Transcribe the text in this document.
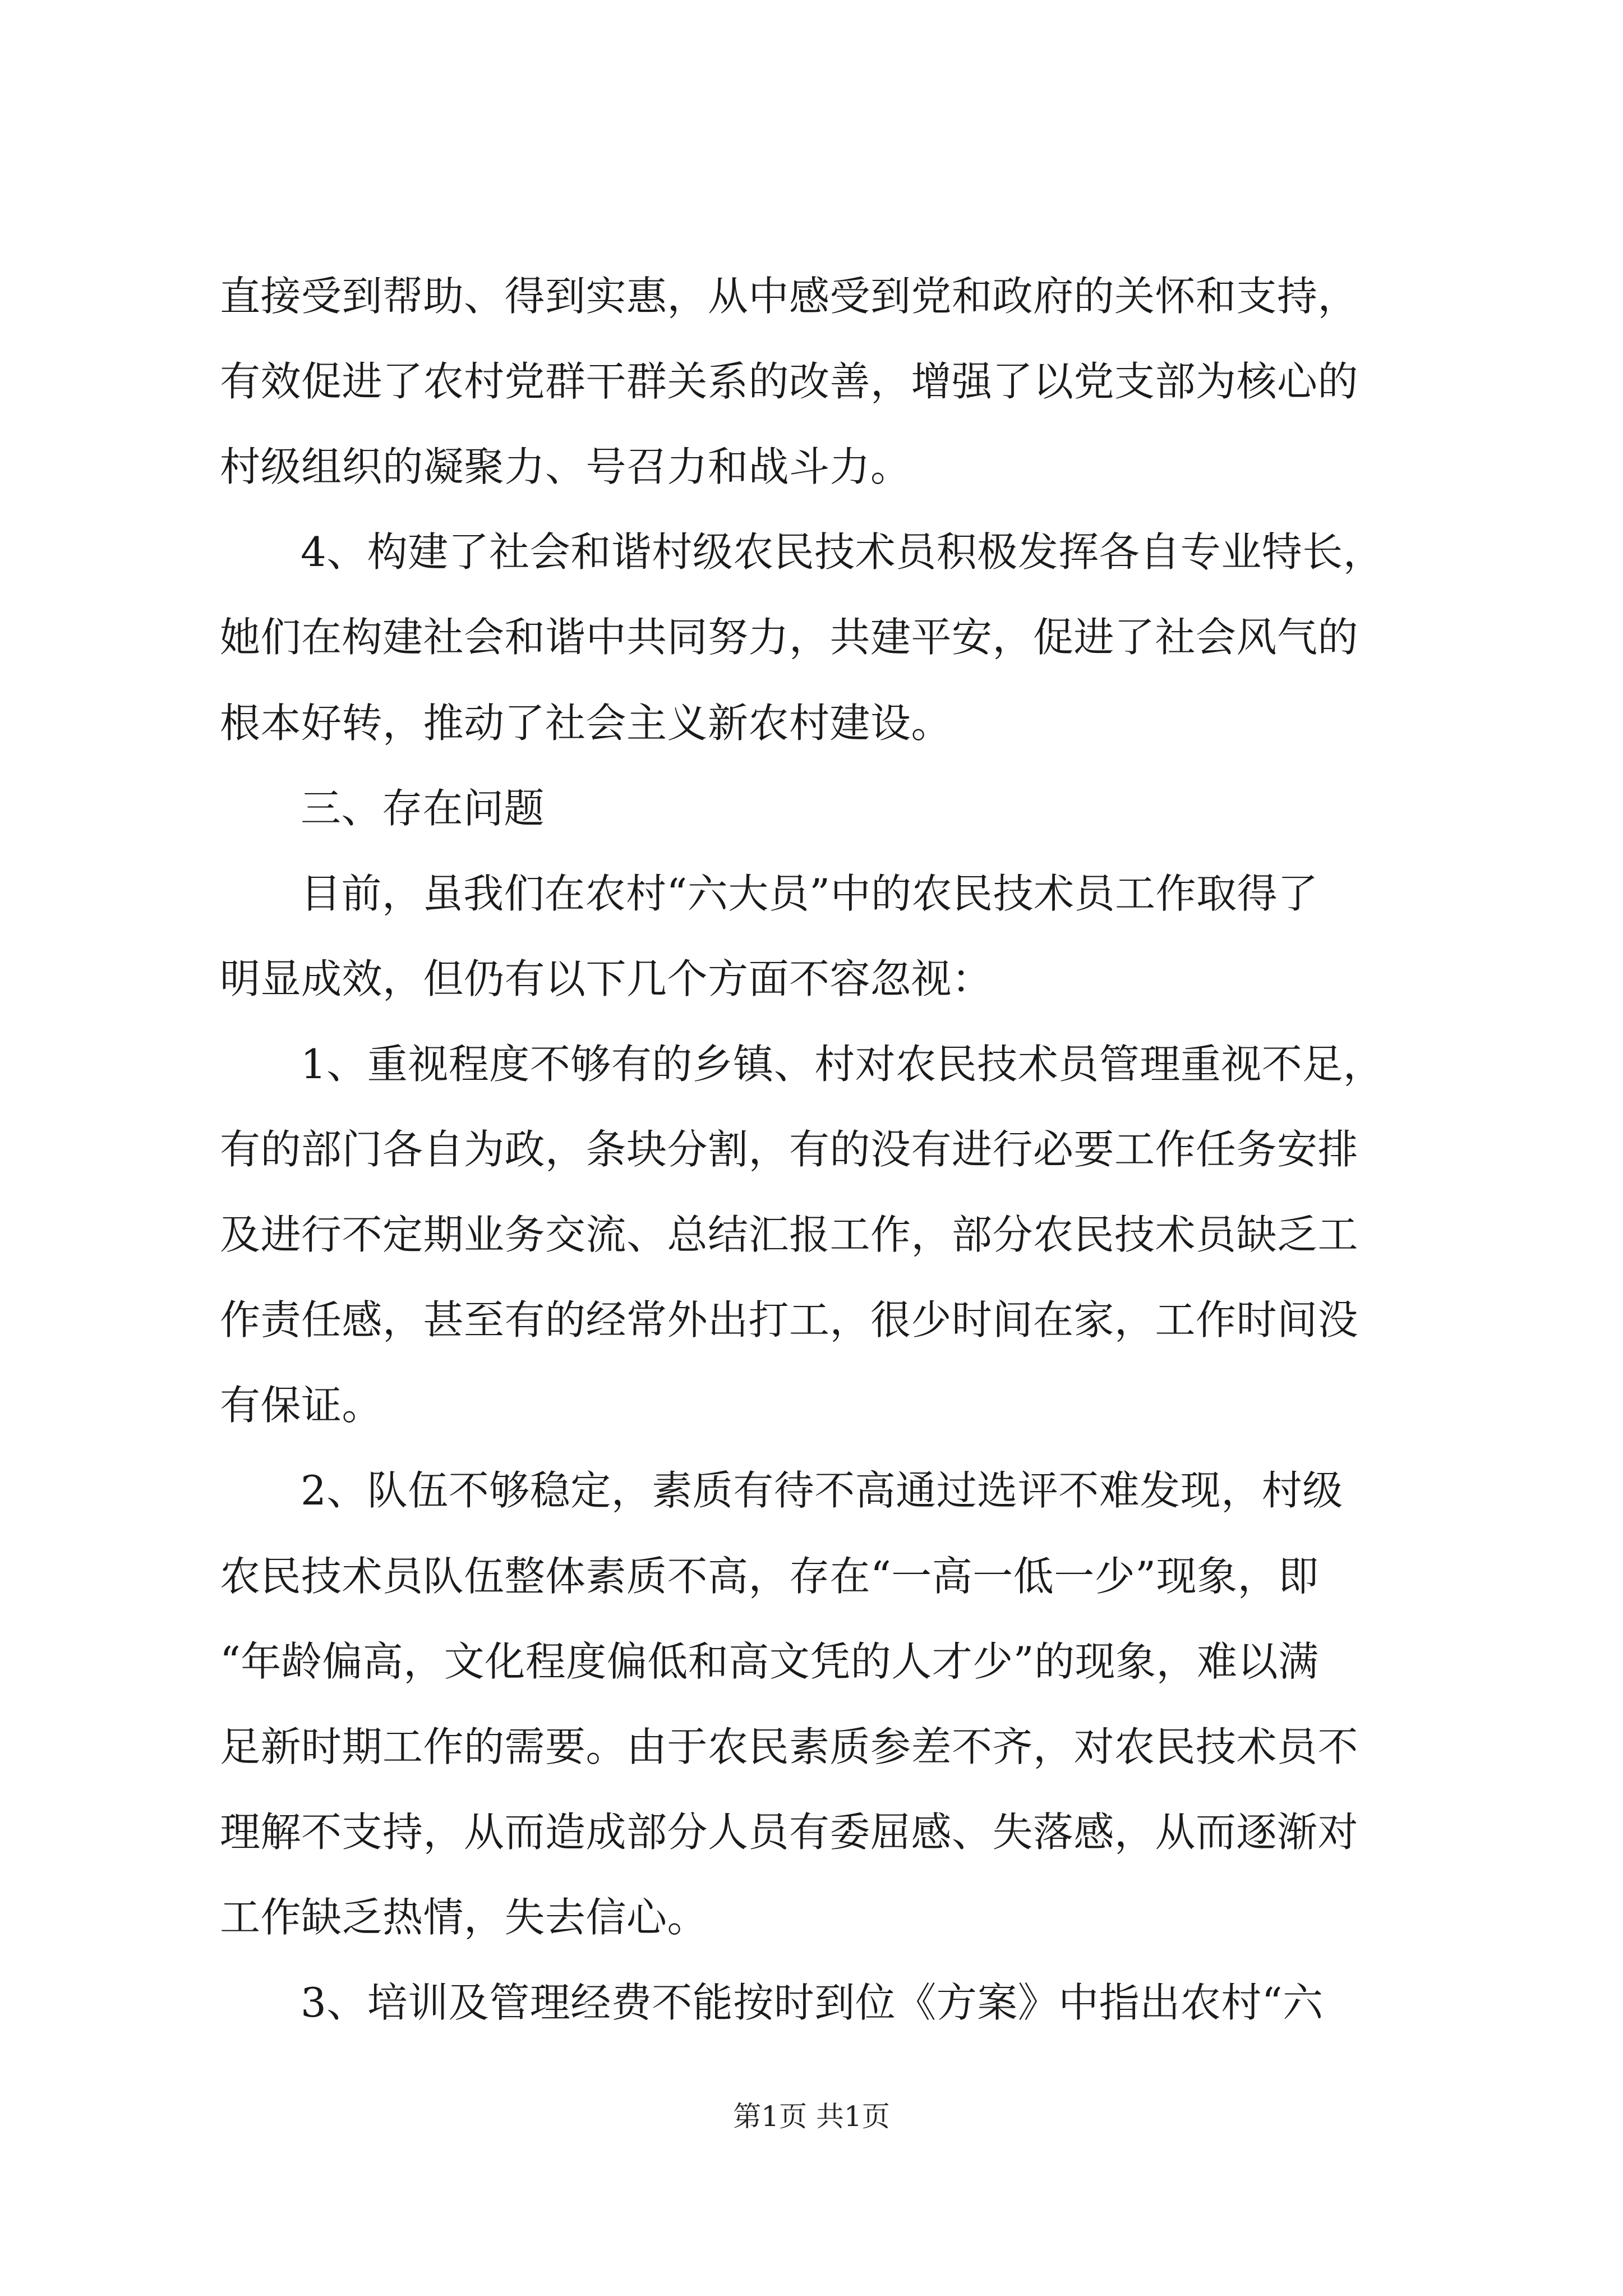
直接受到帮助、得到实惠，从中感受到党和政府的关怀和支持，
有效促进了农村党群干群关系的改善，增强了以党支部为核心的
村级组织的凝聚力、号召力和战斗力。
4、构建了社会和谐村级农民技术员积极发挥各自专业特长，
她们在构建社会和谐中共同努力，共建平安，促进了社会风气的
根本好转，推动了社会主义新农村建设。
三、存在问题
目前，虽我们在农村“六大员”中的农民技术员工作取得了
明显成效，但仍有以下几个方面不容忽视：
1、重视程度不够有的乡镇、村对农民技术员管理重视不足，
有的部门各自为政，条块分割，有的没有进行必要工作任务安排
及进行不定期业务交流、总结汇报工作，部分农民技术员缺乏工
作责任感，甚至有的经常外出打工，很少时间在家，工作时间没
有保证。
2、队伍不够稳定，素质有待不高通过选评不难发现，村级
农民技术员队伍整体素质不高，存在“一高一低一少”现象，即
“年龄偏高，文化程度偏低和高文凭的人才少”的现象，难以满
足新时期工作的需要。由于农民素质参差不齐，对农民技术员不
理解不支持，从而造成部分人员有委屈感、失落感，从而逐渐对
工作缺乏热情，失去信心。
3、培训及管理经费不能按时到位《方案》中指出农村“六
第1页 共1页
